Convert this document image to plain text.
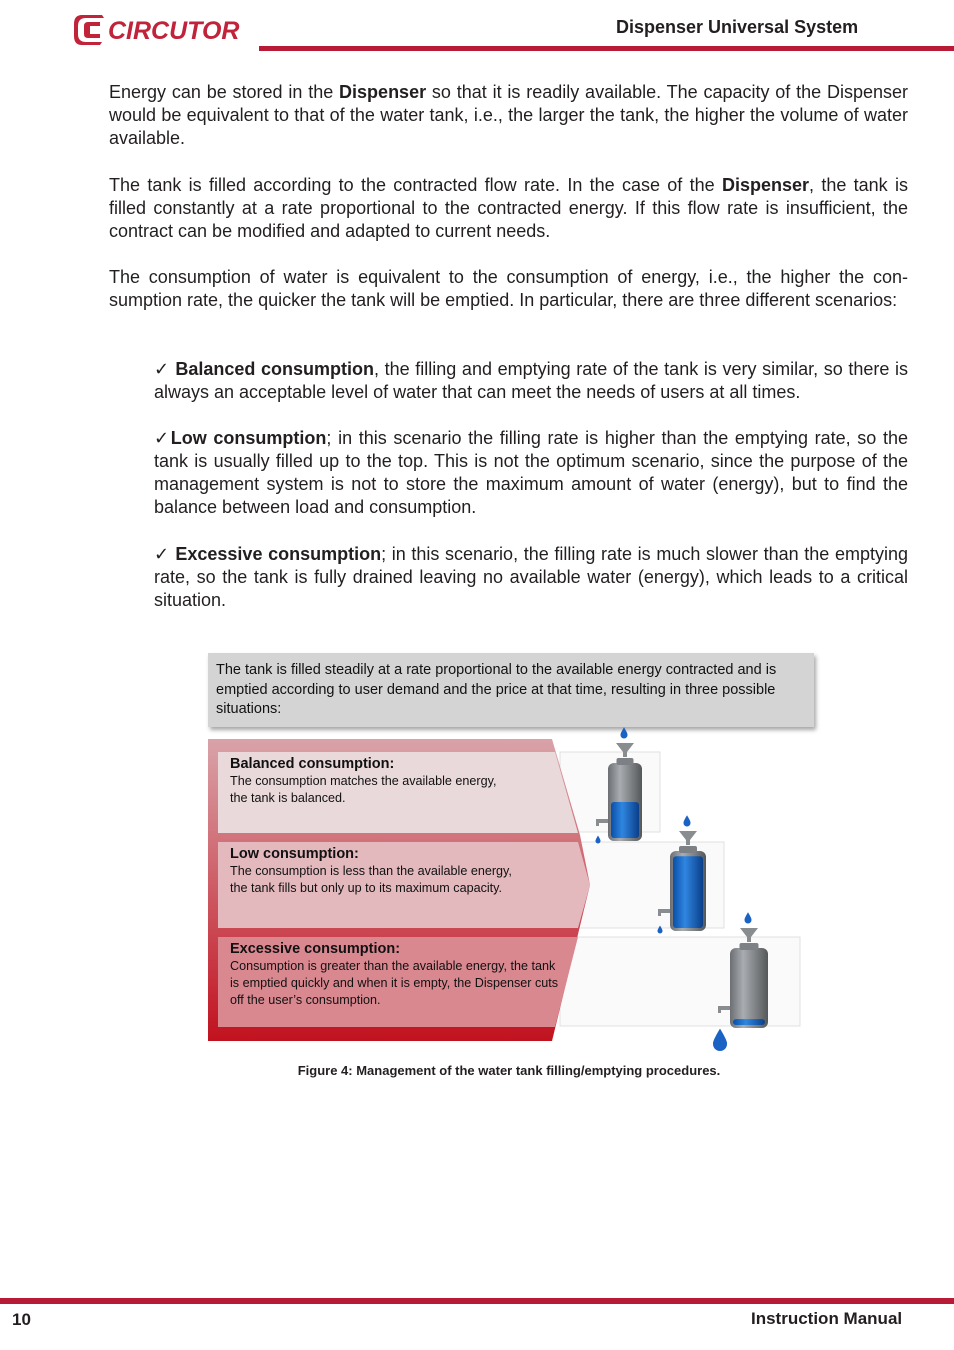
CIRCUTOR	Dispenser Universal System

Energy can be stored in the Dispenser so that it is readily available. The capacity of the Dispenser would be equivalent to that of the water tank, i.e., the larger the tank, the higher the volume of water available.

The tank is filled according to the contracted flow rate. In the case of the Dispenser, the tank is filled constantly at a rate proportional to the contracted energy. If this flow rate is insufficient, the contract can be modified and adapted to current needs.

The consumption of water is equivalent to the consumption of energy, i.e., the higher the consumption rate, the quicker the tank will be emptied. In particular, there are three different scenarios:

✓ Balanced consumption, the filling and emptying rate of the tank is very similar, so there is always an acceptable level of water that can meet the needs of users at all times.

✓Low consumption; in this scenario the filling rate is higher than the emptying rate, so the tank is usually filled up to the top. This is not the optimum scenario, since the purpose of the management system is not to store the maximum amount of water (energy), but to find the balance between load and consumption.

✓ Excessive consumption; in this scenario, the filling rate is much slower than the emptying rate, so the tank is fully drained leaving no available water (energy), which leads to a critical situation.

The tank is filled steadily at a rate proportional to the available energy contracted and is emptied according to user demand and the price at that time, resulting in three possible situations:
Balanced consumption:
The consumption matches the available energy, the tank is balanced.
Low consumption:
The consumption is less than the available energy, the tank fills but only up to its maximum capacity.
Excessive consumption:
Consumption is greater than the available energy, the tank is emptied quickly and when it is empty, the Dispenser cuts off the user’s consumption.
Figure 4: Management of the water tank filling/emptying procedures.
10	Instruction Manual
